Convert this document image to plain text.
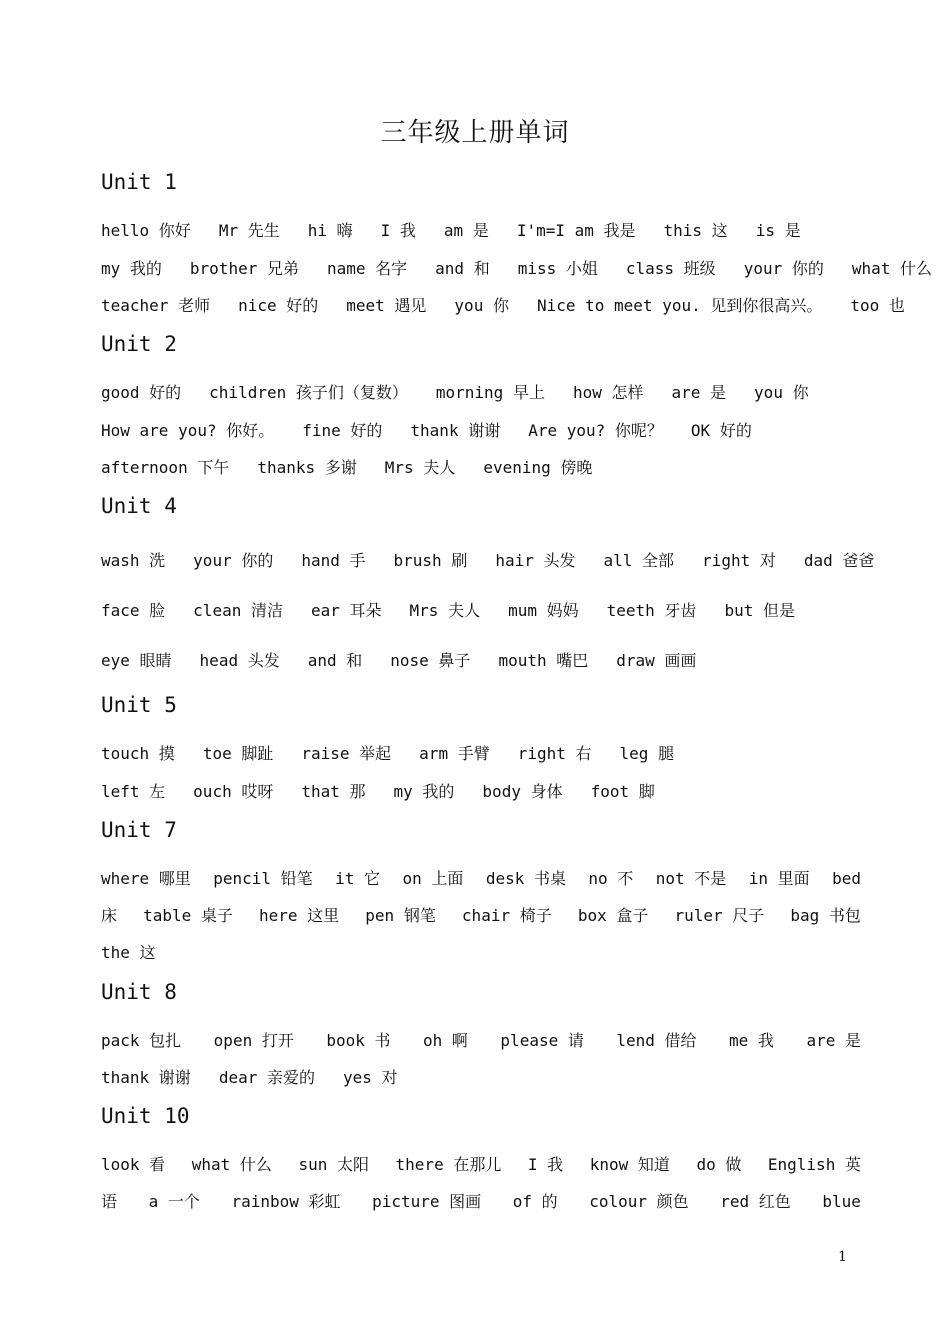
三年级上册单词
Unit 1
hello 你好 Mr 先生 hi 嗨 I 我 am 是 I'm=I am 我是 this 这 is 是
my 我的 brother 兄弟 name 名字 and 和 miss 小姐 class 班级 your 你的 what 什么
teacher 老师 nice 好的 meet 遇见 you 你 Nice to meet you. 见到你很高兴。 too 也
Unit 2
good 好的 children 孩子们（复数） morning 早上 how 怎样 are 是 you 你
How are you? 你好。 fine 好的 thank 谢谢 Are you? 你呢？ OK 好的
afternoon 下午 thanks 多谢 Mrs 夫人 evening 傍晚
Unit 4
wash 洗 your 你的 hand 手 brush 刷 hair 头发 all 全部 right 对 dad 爸爸
face 脸 clean 清洁 ear 耳朵 Mrs 夫人 mum 妈妈 teeth 牙齿 but 但是
eye 眼睛 head 头发 and 和 nose 鼻子 mouth 嘴巴 draw 画画
Unit 5
touch 摸 toe 脚趾 raise 举起 arm 手臂 right 右 leg 腿
left 左 ouch 哎呀 that 那 my 我的 body 身体 foot 脚
Unit 7
where 哪里 pencil 铅笔 it 它 on 上面 desk 书桌 no 不 not 不是 in 里面 bed
床 table 桌子 here 这里 pen 钢笔 chair 椅子 box 盒子 ruler 尺子 bag 书包
the 这
Unit 8
pack 包扎 open 打开 book 书 oh 啊 please 请 lend 借给 me 我 are 是
thank 谢谢 dear 亲爱的 yes 对
Unit 10
look 看 what 什么 sun 太阳 there 在那儿 I 我 know 知道 do 做 English 英
语 a 一个 rainbow 彩虹 picture 图画 of 的 colour 颜色 red 红色 blue
1
